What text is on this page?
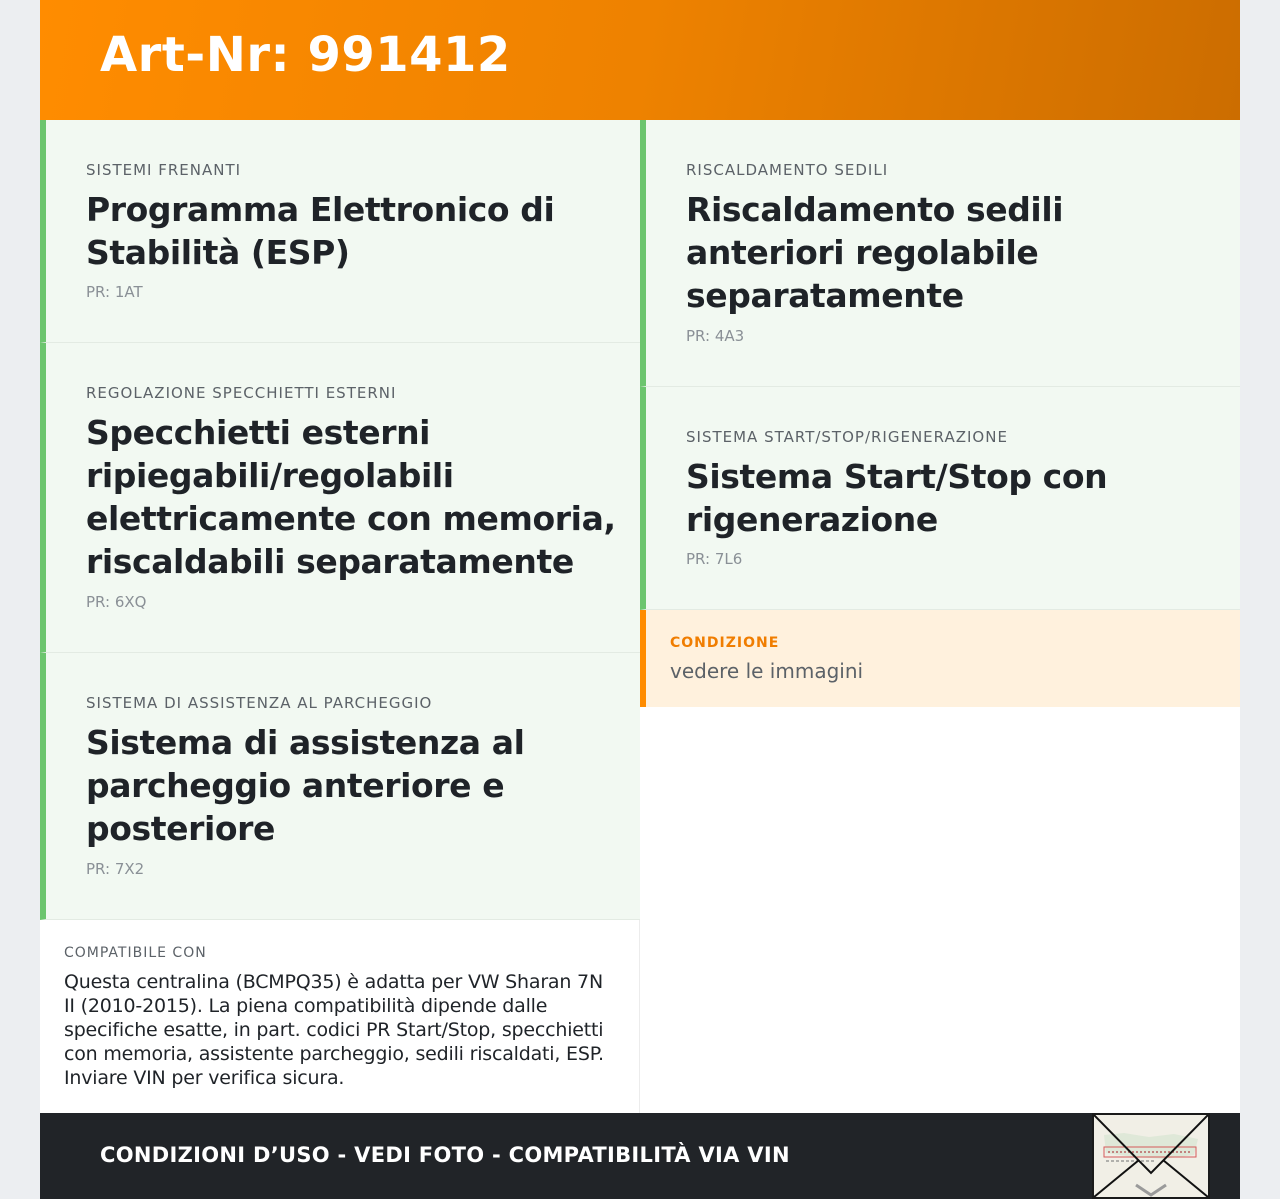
Art-Nr: 991412
SISTEMI FRENANTI
Programma Elettronico di Stabilità (ESP)
PR: 1AT
REGOLAZIONE SPECCHIETTI ESTERNI
Specchietti esterni ripiegabili/regolabili elettricamente con memoria, riscaldabili separatamente
PR: 6XQ
SISTEMA DI ASSISTENZA AL PARCHEGGIO
Sistema di assistenza al parcheggio anteriore e posteriore
PR: 7X2
RISCALDAMENTO SEDILI
Riscaldamento sedili anteriori regolabile separatamente
PR: 4A3
SISTEMA START/STOP/RIGENERAZIONE
Sistema Start/Stop con rigenerazione
PR: 7L6
CONDIZIONE
vedere le immagini
COMPATIBILE CON
Questa centralina (BCMPQ35) è adatta per VW Sharan 7N II (2010-2015). La piena compatibilità dipende dalle specifiche esatte, in part. codici PR Start/Stop, specchietti con memoria, assistente parcheggio, sedili riscaldati, ESP. Inviare VIN per verifica sicura.
CONDIZIONI D’USO - VEDI FOTO - COMPATIBILITÀ VIA VIN
